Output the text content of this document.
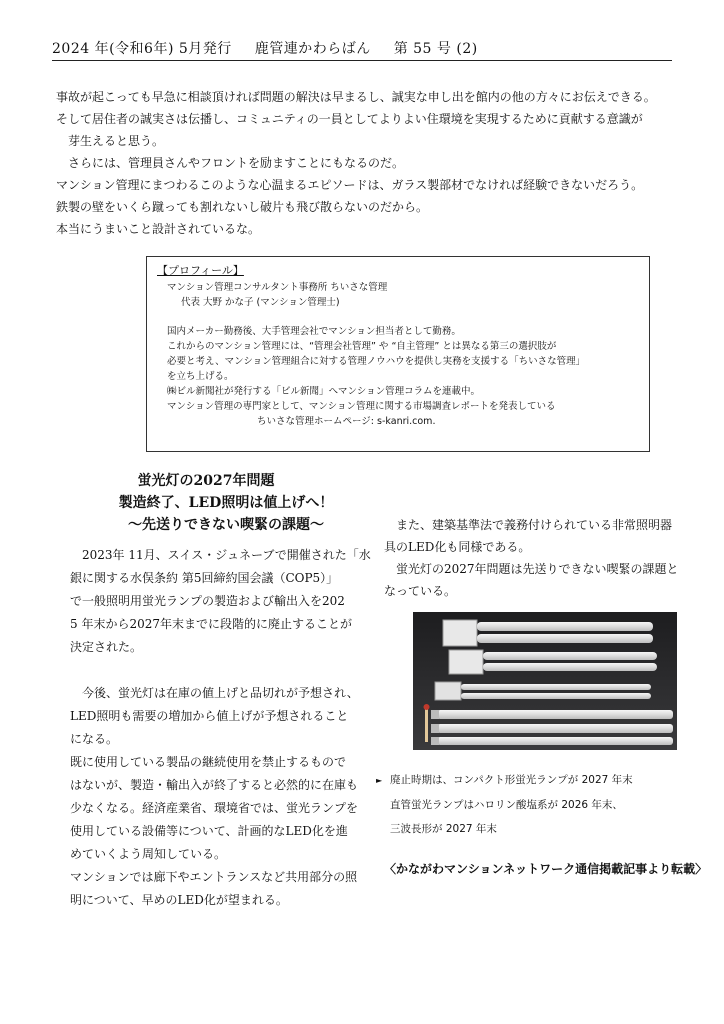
2024 年(令和6年) 5月発行 鹿管連かわらばん 第 55 号 (2)

事故が起こっても早急に相談頂ければ問題の解決は早まるし、誠実な申し出を館内の他の方々にお伝えできる。

そして居住者の誠実さは伝播し、コミュニティの一員としてよりよい住環境を実現するために貢献する意識が

芽生えると思う。

さらには、管理員さんやフロントを励ますことにもなるのだ。

マンション管理にまつわるこのような心温まるエピソードは、ガラス製部材でなければ経験できないだろう。

鉄製の壁をいくら蹴っても割れないし破片も飛び散らないのだから。

本当にうまいこと設計されているな。

【プロフィール】

マンション管理コンサルタント事務所 ちいさな管理

代表 大野 かな子 (マンション管理士)

国内メーカー勤務後、大手管理会社でマンション担当者として勤務。

これからのマンション管理には、“管理会社管理” や “自主管理” とは異なる第三の選択肢が

必要と考え、マンション管理組合に対する管理ノウハウを提供し実務を支援する「ちいさな管理」

を立ち上げる。

㈱ビル新聞社が発行する「ビル新聞」へマンション管理コラムを連載中。

マンション管理の専門家として、マンション管理に関する市場調査レポートを発表している

ちいさな管理ホームページ: s-kanri.com.

蛍光灯の2027年問題

製造終了、LED照明は値上げへ！

～先送りできない喫緊の課題～

2023年 11月、スイス・ジュネーブで開催された「水

銀に関する水俣条約 第5回締約国会議（COP5）」

で一般照明用蛍光ランプの製造および輸出入を202

5 年末から2027年末までに段階的に廃止することが

決定された。

今後、蛍光灯は在庫の値上げと品切れが予想され、

LED照明も需要の増加から値上げが予想されること

になる。

既に使用している製品の継続使用を禁止するもので

はないが、製造・輸出入が終了すると必然的に在庫も

少なくなる。経済産業省、環境省では、蛍光ランプを

使用している設備等について、計画的なLED化を進

めていくよう周知している。

マンションでは廊下やエントランスなど共用部分の照

明について、早めのLED化が望まれる。

また、建築基準法で義務付けられている非常照明器

具のLED化も同様である。

蛍光灯の2027年問題は先送りできない喫緊の課題と

なっている。

► 廃止時期は、コンパクト形蛍光ランプが 2027 年末

直管蛍光ランプはハロリン酸塩系が 2026 年末、

三波長形が 2027 年末

〈かながわマンションネットワーク通信掲載記事より転載〉
